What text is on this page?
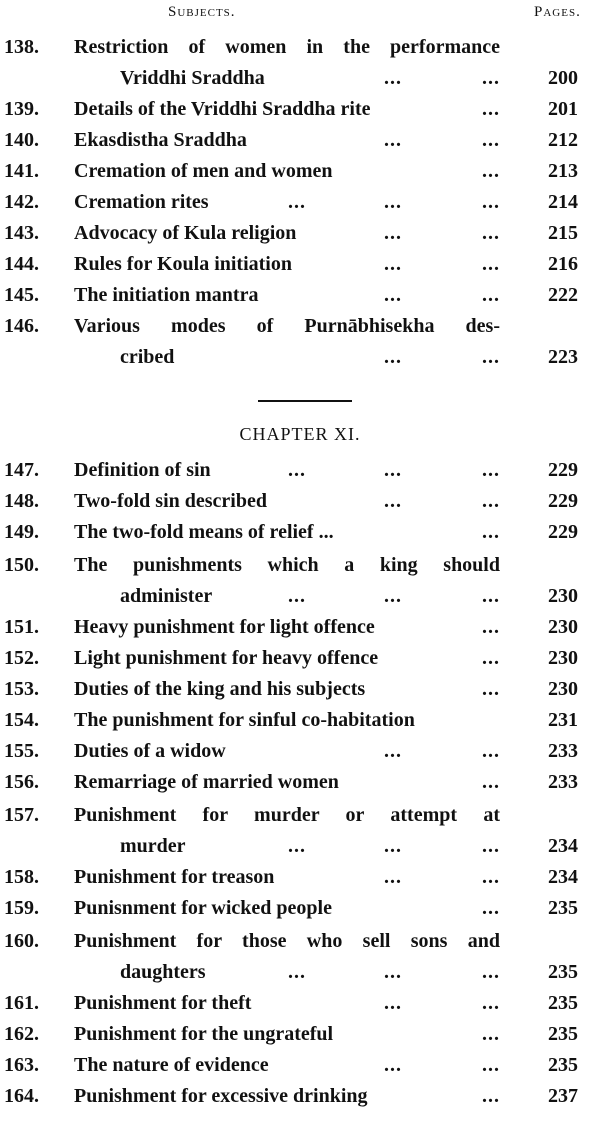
Subjects.	Pages.
138. Restriction of women in the performance
Vriddhi Sraddha	...	... 200
139. Details of the Vriddhi Sraddha rite	... 201
140. Ekasdistha Sraddha	...	... 212
141. Cremation of men and women	... 213
142. Cremation rites	...	...	... 214
143. Advocacy of Kula religion	...	... 215
144. Rules for Koula initiation	...	... 216
145. The initiation mantra	...	... 222
146. Various modes of Purnābhisekha des-
cribed	...	... 223
CHAPTER XI.
147. Definition of sin	...	...	... 229
148. Two-fold sin described	...	... 229
149. The two-fold means of relief ...	... 229
150. The punishments which a king should
administer	...	...	... 230
151. Heavy punishment for light offence	... 230
152. Light punishment for heavy offence	... 230
153. Duties of the king and his subjects	... 230
154. The punishment for sinful co-habitation	231
155. Duties of a widow	...	... 233
156. Remarriage of married women	... 233
157. Punishment for murder or attempt at
murder	...	...	... 234
158. Punishment for treason	...	... 234
159. Punisnment for wicked people	... 235
160. Punishment for those who sell sons and
daughters	...	...	... 235
161. Punishment for theft	...	... 235
162. Punishment for the ungrateful	... 235
163. The nature of evidence	...	... 235
164. Punishment for excessive drinking	... 237
